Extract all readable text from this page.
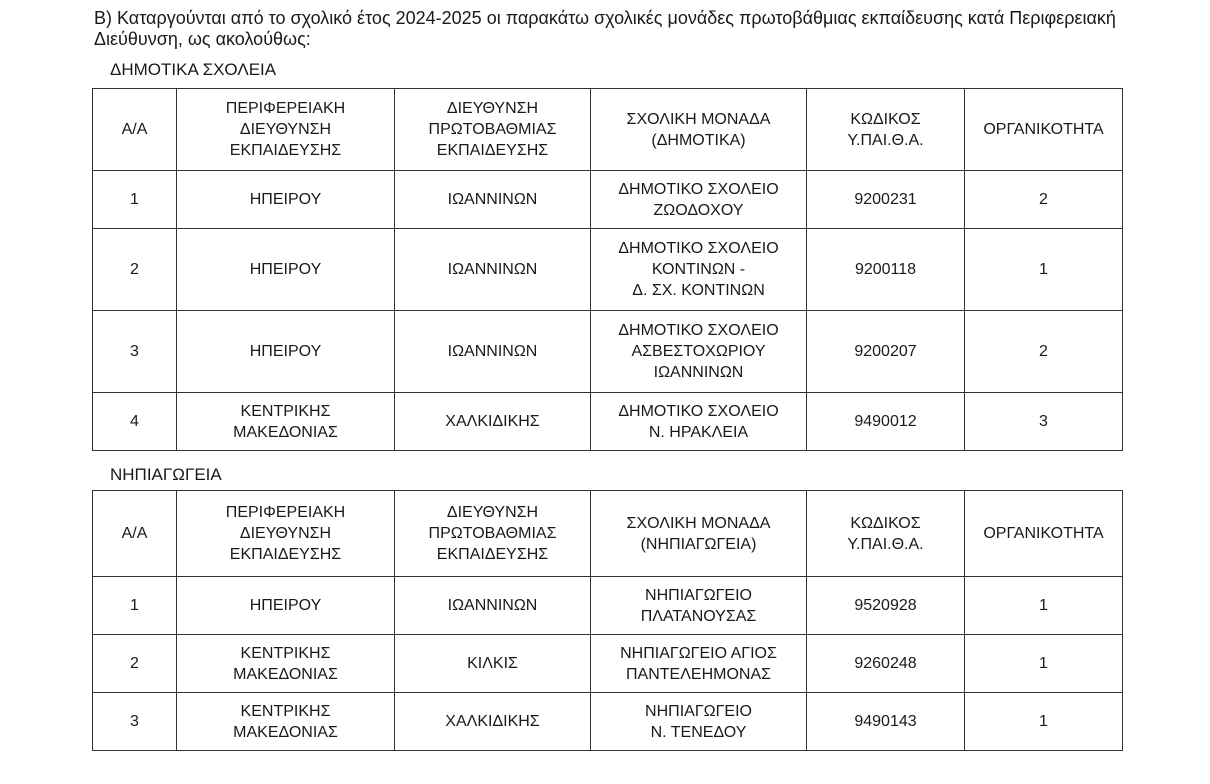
Β) Καταργούνται από το σχολικό έτος 2024-2025 οι παρακάτω σχολικές μονάδες πρωτοβάθμιας εκπαίδευσης κατά Περιφερειακή Διεύθυνση, ως ακολούθως:

ΔΗΜΟΤΙΚΑ ΣΧΟΛΕΙΑ

Α/Α	ΠΕΡΙΦΕΡΕΙΑΚΗ
ΔΙΕΥΘΥΝΣΗ
ΕΚΠΑΙΔΕΥΣΗΣ	ΔΙΕΥΘΥΝΣΗ
ΠΡΩΤΟΒΑΘΜΙΑΣ
ΕΚΠΑΙΔΕΥΣΗΣ	ΣΧΟΛΙΚΗ ΜΟΝΑΔΑ
(ΔΗΜΟΤΙΚΑ)	ΚΩΔΙΚΟΣ
Υ.ΠΑΙ.Θ.Α.	ΟΡΓΑΝΙΚΟΤΗΤΑ
1	ΗΠΕΙΡΟΥ	ΙΩΑΝΝΙΝΩΝ	ΔΗΜΟΤΙΚΟ ΣΧΟΛΕΙΟ
ΖΩΟΔΟΧΟΥ	9200231	2
2	ΗΠΕΙΡΟΥ	ΙΩΑΝΝΙΝΩΝ	ΔΗΜΟΤΙΚΟ ΣΧΟΛΕΙΟ
ΚΟΝΤΙΝΩΝ -
Δ. ΣΧ. ΚΟΝΤΙΝΩΝ	9200118	1
3	ΗΠΕΙΡΟΥ	ΙΩΑΝΝΙΝΩΝ	ΔΗΜΟΤΙΚΟ ΣΧΟΛΕΙΟ
ΑΣΒΕΣΤΟΧΩΡΙΟΥ
ΙΩΑΝΝΙΝΩΝ	9200207	2
4	ΚΕΝΤΡΙΚΗΣ
ΜΑΚΕΔΟΝΙΑΣ	ΧΑΛΚΙΔΙΚΗΣ	ΔΗΜΟΤΙΚΟ ΣΧΟΛΕΙΟ
Ν. ΗΡΑΚΛΕΙΑ	9490012	3

ΝΗΠΙΑΓΩΓΕΙΑ

Α/Α	ΠΕΡΙΦΕΡΕΙΑΚΗ
ΔΙΕΥΘΥΝΣΗ
ΕΚΠΑΙΔΕΥΣΗΣ	ΔΙΕΥΘΥΝΣΗ
ΠΡΩΤΟΒΑΘΜΙΑΣ
ΕΚΠΑΙΔΕΥΣΗΣ	ΣΧΟΛΙΚΗ ΜΟΝΑΔΑ
(ΝΗΠΙΑΓΩΓΕΙΑ)	ΚΩΔΙΚΟΣ
Υ.ΠΑΙ.Θ.Α.	ΟΡΓΑΝΙΚΟΤΗΤΑ
1	ΗΠΕΙΡΟΥ	ΙΩΑΝΝΙΝΩΝ	ΝΗΠΙΑΓΩΓΕΙΟ
ΠΛΑΤΑΝΟΥΣΑΣ	9520928	1
2	ΚΕΝΤΡΙΚΗΣ
ΜΑΚΕΔΟΝΙΑΣ	ΚΙΛΚΙΣ	ΝΗΠΙΑΓΩΓΕΙΟ ΑΓΙΟΣ
ΠΑΝΤΕΛΕΗΜΟΝΑΣ	9260248	1
3	ΚΕΝΤΡΙΚΗΣ
ΜΑΚΕΔΟΝΙΑΣ	ΧΑΛΚΙΔΙΚΗΣ	ΝΗΠΙΑΓΩΓΕΙΟ
Ν. ΤΕΝΕΔΟΥ	9490143	1
